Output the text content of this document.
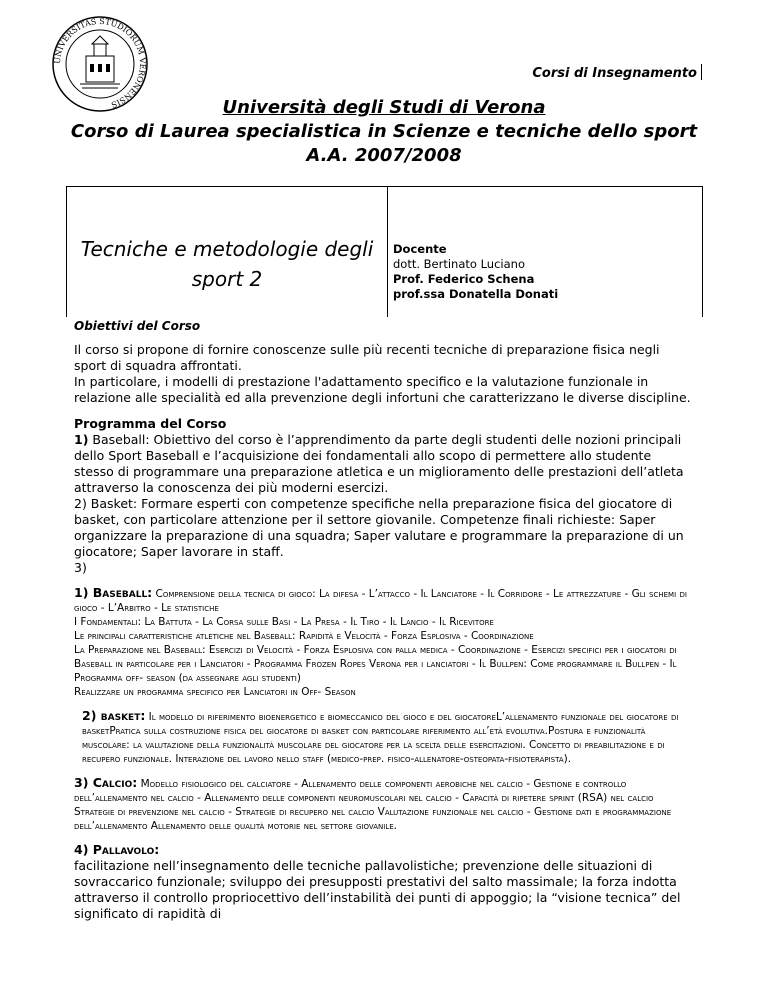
UNIVERSITAS STUDIORUM VERONENSIS
Corsi di Insegnamento
Università degli Studi di Verona
Corso di Laurea specialistica in Scienze e tecniche dello sport
A.A. 2007/2008
Tecniche e metodologie degli
sport 2
Docente
dott. Bertinato Luciano
Prof. Federico Schena
prof.ssa Donatella Donati
Obiettivi del Corso

Il corso si propone di fornire conoscenze sulle più recenti tecniche di preparazione fisica negli sport di squadra affrontati.

In particolare, i modelli di prestazione l'adattamento specifico e la valutazione funzionale in relazione alle specialità ed alla prevenzione degli infortuni che caratterizzano le diverse discipline.

Programma del Corso

1) Baseball: Obiettivo del corso è l’apprendimento da parte degli studenti delle nozioni principali dello Sport Baseball e l’acquisizione dei fondamentali allo scopo di permettere allo studente stesso di programmare una preparazione atletica e un miglioramento delle prestazioni dell’atleta attraverso la conoscenza dei più moderni esercizi.

2) Basket: Formare esperti con competenze specifiche nella preparazione fisica del giocatore di basket, con particolare attenzione per il settore giovanile. Competenze finali richieste: Saper organizzare la preparazione di una squadra; Saper valutare e programmare la preparazione di un giocatore; Saper lavorare in staff.

3)

1) Baseball: Comprensione della tecnica di gioco: La difesa - L’attacco - Il Lanciatore - Il Corridore - Le attrezzature - Gli schemi di gioco - L’Arbitro - Le statistiche
I Fondamentali: La Battuta - La Corsa sulle Basi - La Presa - Il Tiro - Il Lancio - Il Ricevitore
Le principali caratteristiche atletiche nel Baseball: Rapidità e Velocità - Forza Esplosiva - Coordinazione
La Preparazione nel Baseball: Esercizi di Velocità - Forza Esplosiva con palla medica - Coordinazione - Esercizi specifici per i giocatori di Baseball in particolare per i Lanciatori - Programma Frozen Ropes Verona per i lanciatori - Il Bullpen: Come programmare il Bullpen - Il Programma off- season (da assegnare agli studenti)
Realizzare un programma specifico per Lanciatori in Off- Season
2) basket: Il modello di riferimento bioenergetico e biomeccanico del gioco e del giocatoreL’allenamento funzionale del giocatore di basketPratica sulla costruzione fisica del giocatore di basket con particolare riferimento all’età evolutiva.Postura e funzionalità muscolare: la valutazione della funzionalità muscolare del giocatore per la scelta delle esercitazioni. Concetto di preabilitazione e di recupero funzionale. Interazione del lavoro nello staff (medico-prep. fisico-allenatore-osteopata-fisioterapista).
3) Calcio: Modello fisiologico del calciatore - Allenamento delle componenti aerobiche nel calcio - Gestione e controllo dell’allenamento nel calcio - Allenamento delle componenti neuromuscolari nel calcio - Capacità di ripetere sprint (RSA) nel calcio Strategie di prevenzione nel calcio - Strategie di recupero nel calcio Valutazione funzionale nel calcio - Gestione dati e programmazione dell’allenamento Allenamento delle qualità motorie nel settore giovanile.
4) Pallavolo:

facilitazione nell’insegnamento delle tecniche pallavolistiche; prevenzione delle situazioni di sovraccarico funzionale; sviluppo dei presupposti prestativi del salto massimale; la forza indotta attraverso il controllo propriocettivo dell’instabilità dei punti di appoggio; la “visione tecnica” del significato di rapidità di
